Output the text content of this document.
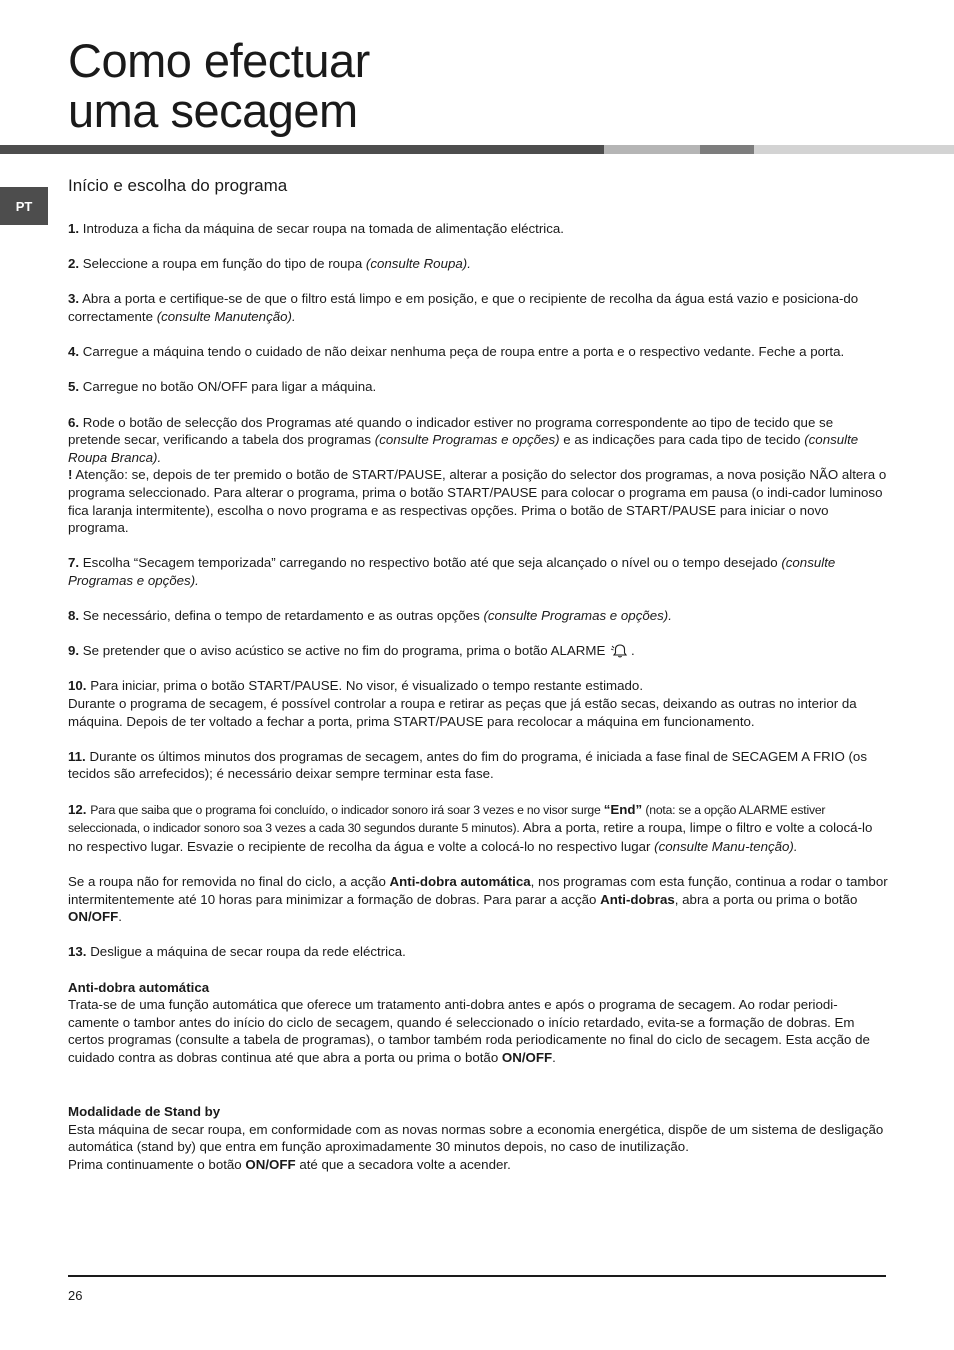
Como efectuar
uma secagem
PT
Início e escolha do programa

1. Introduza a ficha da máquina de secar roupa na tomada de alimentação eléctrica.

2. Seleccione a roupa em função do tipo de roupa (consulte Roupa).

3. Abra a porta e certifique-se de que o filtro está limpo e em posição, e que o recipiente de recolha da água está vazio e posiciona-do correctamente (consulte Manutenção).

4. Carregue a máquina tendo o cuidado de não deixar nenhuma peça de roupa entre a porta e o respectivo vedante. Feche a porta.

5. Carregue no botão ON/OFF para ligar a máquina.

6. Rode o botão de selecção dos Programas até quando o indicador estiver no programa correspondente ao tipo de tecido que se pretende secar, verificando a tabela dos programas (consulte Programas e opções) e as indicações para cada tipo de tecido (consulte Roupa Branca).
! Atenção: se, depois de ter premido o botão de START/PAUSE, alterar a posição do selector dos programas, a nova posição NÃO altera o programa seleccionado. Para alterar o programa, prima o botão START/PAUSE para colocar o programa em pausa (o indi-cador luminoso fica laranja intermitente), escolha o novo programa e as respectivas opções. Prima o botão de START/PAUSE para iniciar o novo programa.

7. Escolha “Secagem temporizada” carregando no respectivo botão até que seja alcançado o nível ou o tempo desejado (consulte Programas e opções).

8. Se necessário, defina o tempo de retardamento e as outras opções (consulte Programas e opções).

9. Se pretender que o aviso acústico se active no fim do programa, prima o botão ALARME .

10. Para iniciar, prima o botão START/PAUSE. No visor, é visualizado o tempo restante estimado.
Durante o programa de secagem, é possível controlar a roupa e retirar as peças que já estão secas, deixando as outras no interior da máquina. Depois de ter voltado a fechar a porta, prima START/PAUSE para recolocar a máquina em funcionamento.

11. Durante os últimos minutos dos programas de secagem, antes do fim do programa, é iniciada a fase final de SECAGEM A FRIO (os tecidos são arrefecidos); é necessário deixar sempre terminar esta fase.

12. Para que saiba que o programa foi concluído, o indicador sonoro irá soar 3 vezes e no visor surge “End” (nota: se a opção ALARME estiver seleccionada, o indicador sonoro soa 3 vezes a cada 30 segundos durante 5 minutos). Abra a porta, retire a roupa, limpe o filtro e volte a colocá-lo no respectivo lugar. Esvazie o recipiente de recolha da água e volte a colocá-lo no respectivo lugar (consulte Manu-tenção).

Se a roupa não for removida no final do ciclo, a acção Anti-dobra automática, nos programas com esta função, continua a rodar o tambor intermitentemente até 10 horas para minimizar a formação de dobras. Para parar a acção Anti-dobras, abra a porta ou prima o botão ON/OFF.

13. Desligue a máquina de secar roupa da rede eléctrica.

Anti-dobra automática

Trata-se de uma função automática que oferece um tratamento anti-dobra antes e após o programa de secagem. Ao rodar periodi-camente o tambor antes do início do ciclo de secagem, quando é seleccionado o início retardado, evita-se a formação de dobras. Em certos programas (consulte a tabela de programas), o tambor também roda periodicamente no final do ciclo de secagem. Esta acção de cuidado contra as dobras continua até que abra a porta ou prima o botão ON/OFF.

Modalidade de Stand by

Esta máquina de secar roupa, em conformidade com as novas normas sobre a economia energética, dispõe de um sistema de desligação automática (stand by) que entra em função aproximadamente 30 minutos depois, no caso de inutilização.
Prima continuamente o botão ON/OFF até que a secadora volte a acender.

26
